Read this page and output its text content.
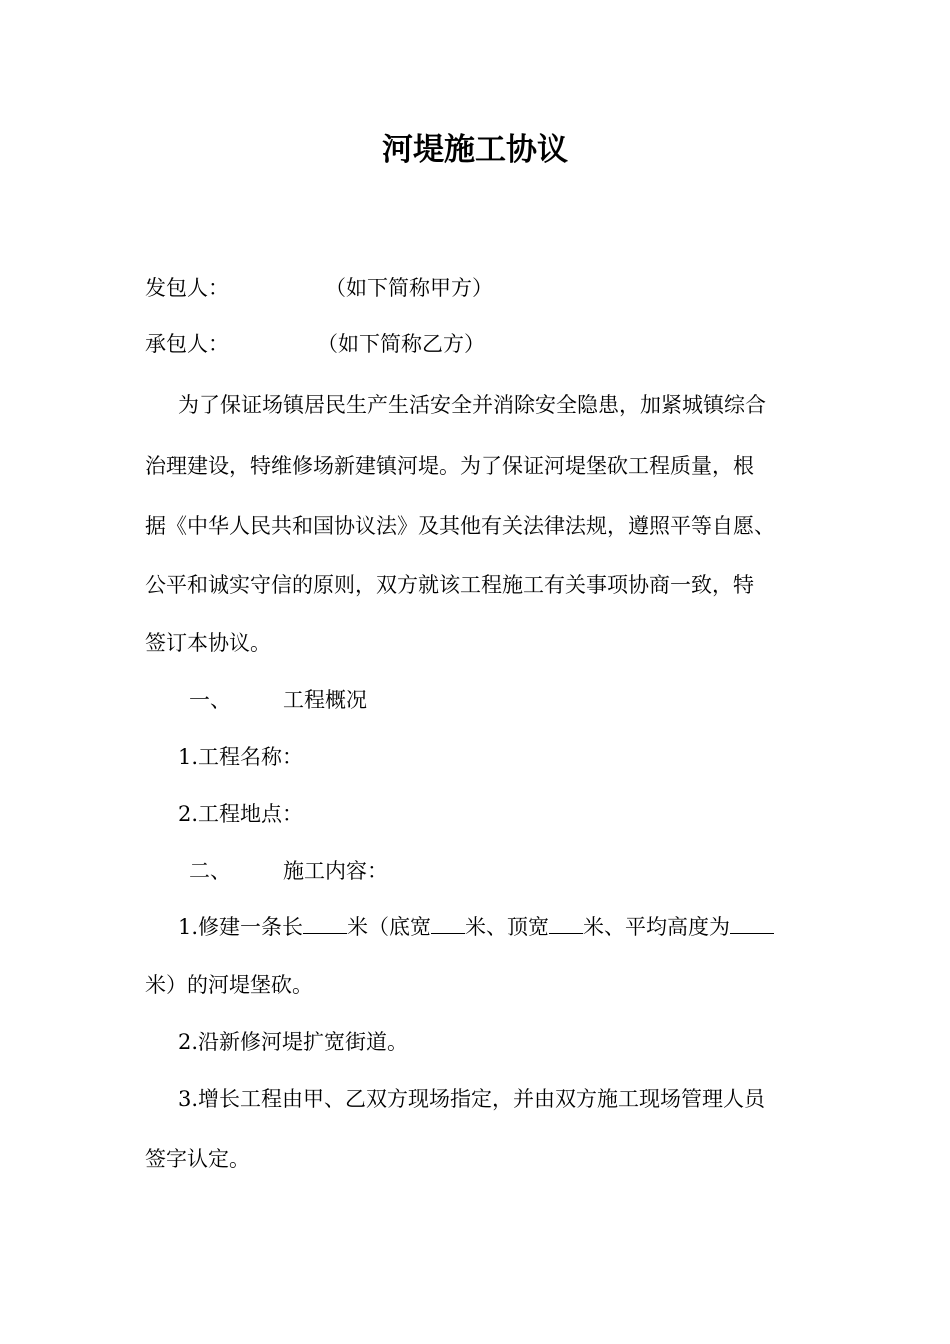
河堤施工协议

发包人：	（如下简称甲方）

承包人：	（如下简称乙方）

为了保证场镇居民生产生活安全并消除安全隐患，加紧城镇综合

治理建设，特维修场新建镇河堤。为了保证河堤堡砍工程质量，根

据《中华人民共和国协议法》及其他有关法律法规，遵照平等自愿、

公平和诚实守信的原则，双方就该工程施工有关事项协商一致，特

签订本协议。

一、 工程概况

1.工程名称：

2.工程地点：

二、 施工内容：

1.修建一条长 米（底宽 米、顶宽 米、平均高度为

米）的河堤堡砍。

2.沿新修河堤扩宽街道。

3.增长工程由甲、乙双方现场指定，并由双方施工现场管理人员

签字认定。
